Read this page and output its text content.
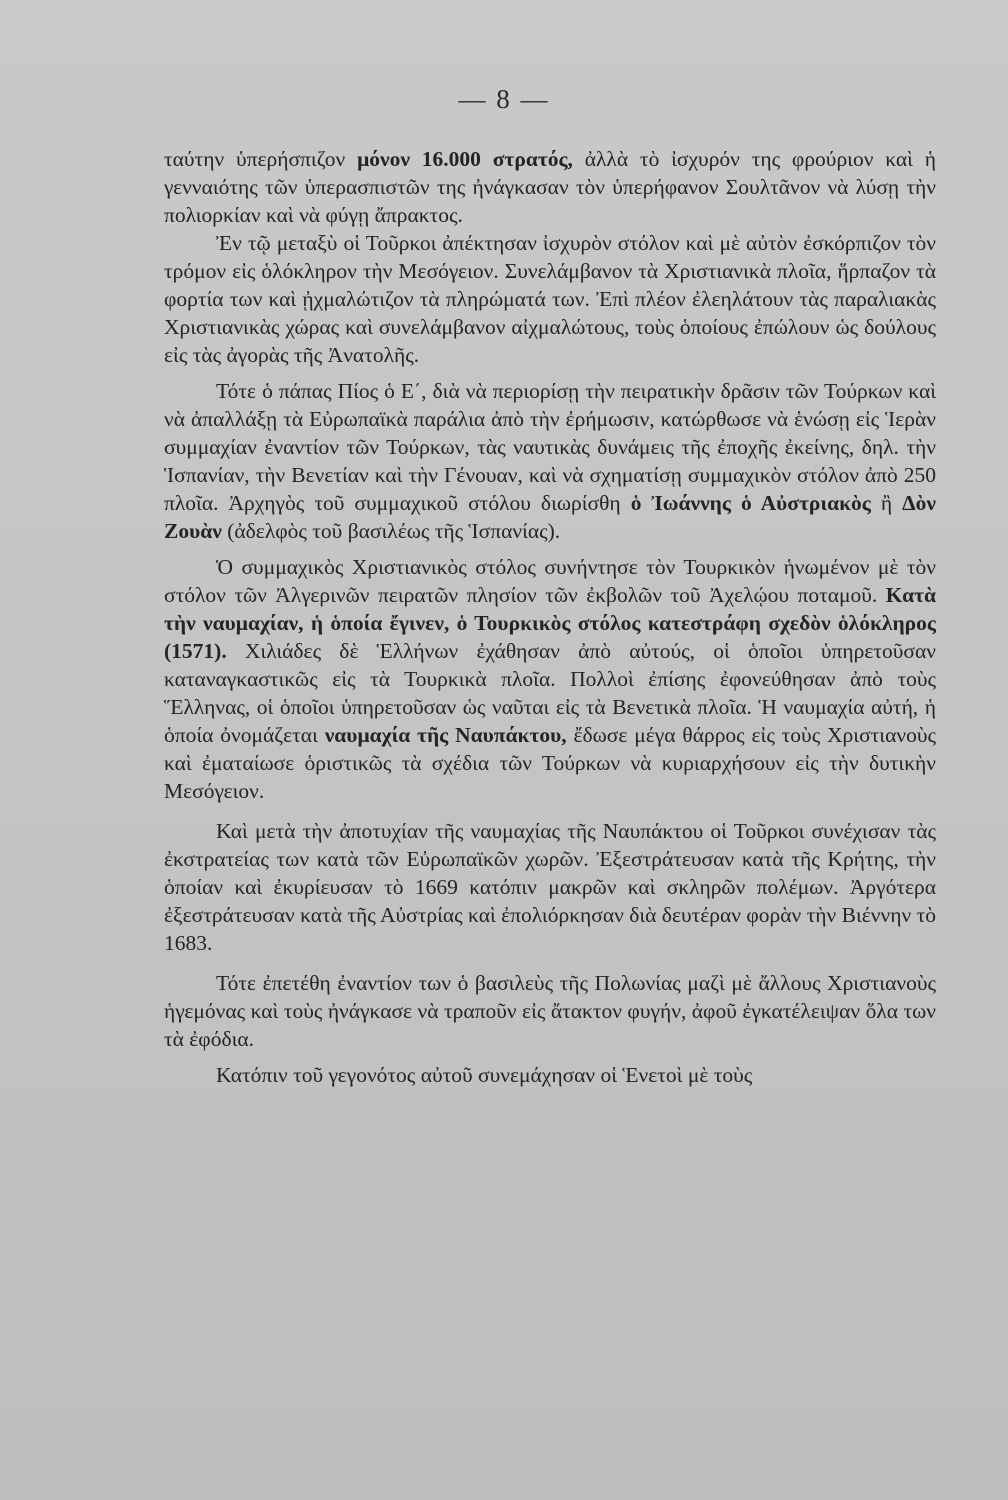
— 8 —

ταύτην ὑπερήσπιζον μόνον 16.000 στρατός, ἀλλὰ τὸ ἰσχυρόν της φρούριον καὶ ἡ γενναιότης τῶν ὑπερασπιστῶν της ἠνάγκασαν τὸν ὑπερήφανον Σουλτᾶνον νὰ λύσῃ τὴν πολιορκίαν καὶ νὰ φύγῃ ἄπρακτος.

Ἐν τῷ μεταξὺ οἱ Τοῦρκοι ἀπέκτησαν ἰσχυρὸν στόλον καὶ μὲ αὐτὸν ἐσκόρπιζον τὸν τρόμον εἰς ὁλόκληρον τὴν Μεσόγειον. Συνελάμβανον τὰ Χριστιανικὰ πλοῖα, ἥρπαζον τὰ φορτία των καὶ ᾐχμαλώτιζον τὰ πληρώματά των. Ἐπὶ πλέον ἐλεηλάτουν τὰς παραλιακὰς Χριστιανικὰς χώρας καὶ συνελάμβανον αἰχμαλώτους, τοὺς ὁποίους ἐπώλουν ὡς δούλους εἰς τὰς ἀγορὰς τῆς Ἀνατολῆς.

Τότε ὁ πάπας Πίος ὁ Ε΄, διὰ νὰ περιορίσῃ τὴν πειρατικὴν δρᾶσιν τῶν Τούρκων καὶ νὰ ἀπαλλάξῃ τὰ Εὐρωπαϊκὰ παράλια ἀπὸ τὴν ἐρήμωσιν, κατώρθωσε νὰ ἑνώσῃ εἰς Ἱερὰν συμμαχίαν ἐναντίον τῶν Τούρκων, τὰς ναυτικὰς δυνάμεις τῆς ἐποχῆς ἐκείνης, δηλ. τὴν Ἱσπανίαν, τὴν Βενετίαν καὶ τὴν Γένουαν, καὶ νὰ σχηματίσῃ συμμαχικὸν στόλον ἀπὸ 250 πλοῖα. Ἀρχηγὸς τοῦ συμμαχικοῦ στόλου διωρίσθη ὁ Ἰωάννης ὁ Αὐστριακὸς ἢ Δὸν Ζουὰν (ἀδελφὸς τοῦ βασιλέως τῆς Ἱσπανίας).

Ὁ συμμαχικὸς Χριστιανικὸς στόλος συνήντησε τὸν Τουρκικὸν ἡνωμένον μὲ τὸν στόλον τῶν Ἀλγερινῶν πειρατῶν πλησίον τῶν ἐκβολῶν τοῦ Ἀχελῴου ποταμοῦ. Κατὰ τὴν ναυμαχίαν, ἡ ὁποία ἔγινεν, ὁ Τουρκικὸς στόλος κατεστράφη σχεδὸν ὁλόκληρος (1571). Χιλιάδες δὲ Ἑλλήνων ἐχάθησαν ἀπὸ αὐτούς, οἱ ὁποῖοι ὑπηρετοῦσαν καταναγκαστικῶς εἰς τὰ Τουρκικὰ πλοῖα. Πολλοὶ ἐπίσης ἐφονεύθησαν ἀπὸ τοὺς Ἕλληνας, οἱ ὁποῖοι ὑπηρετοῦσαν ὡς ναῦται εἰς τὰ Βενετικὰ πλοῖα. Ἡ ναυμαχία αὐτή, ἡ ὁποία ὀνομάζεται ναυμαχία τῆς Ναυπάκτου, ἔδωσε μέγα θάρρος εἰς τοὺς Χριστιανοὺς καὶ ἐματαίωσε ὁριστικῶς τὰ σχέδια τῶν Τούρκων νὰ κυριαρχήσουν εἰς τὴν δυτικὴν Μεσόγειον.

Καὶ μετὰ τὴν ἀποτυχίαν τῆς ναυμαχίας τῆς Ναυπάκτου οἱ Τοῦρκοι συνέχισαν τὰς ἐκστρατείας των κατὰ τῶν Εὐρωπαϊκῶν χωρῶν. Ἐξεστράτευσαν κατὰ τῆς Κρήτης, τὴν ὁποίαν καὶ ἐκυρίευσαν τὸ 1669 κατόπιν μακρῶν καὶ σκληρῶν πολέμων. Ἀργότερα ἐξεστράτευσαν κατὰ τῆς Αὐστρίας καὶ ἐπολιόρκησαν διὰ δευτέραν φορὰν τὴν Βιέννην τὸ 1683.

Τότε ἐπετέθη ἐναντίον των ὁ βασιλεὺς τῆς Πολωνίας μαζὶ μὲ ἄλλους Χριστιανοὺς ἡγεμόνας καὶ τοὺς ἠνάγκασε νὰ τραποῦν εἰς ἄτακτον φυγήν, ἀφοῦ ἐγκατέλειψαν ὅλα των τὰ ἐφόδια.

Κατόπιν τοῦ γεγονότος αὐτοῦ συνεμάχησαν οἱ Ἑνετοὶ μὲ τοὺς
